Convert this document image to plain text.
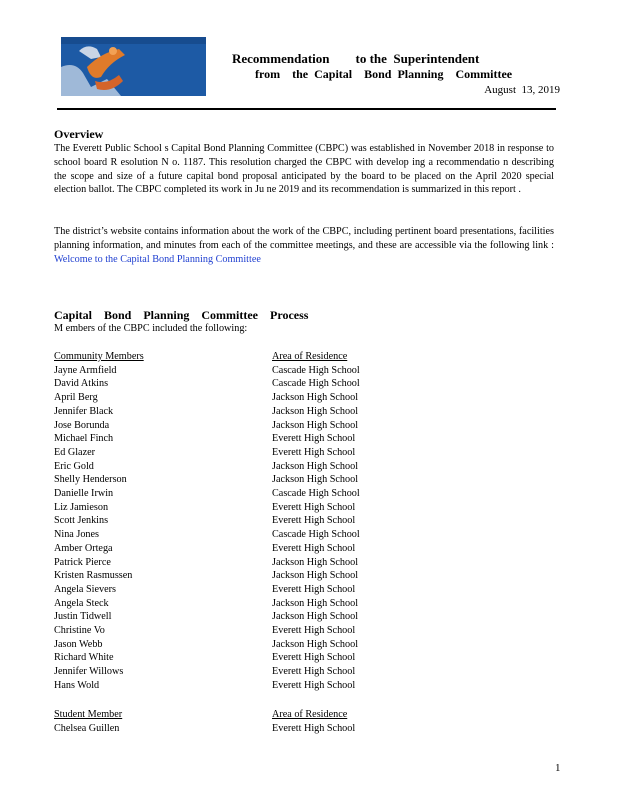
Recommendation        to the  Superintendent
from    the  Capital    Bond  Planning    Committee
August  13, 2019
Overview

The Everett Public School s Capital Bond Planning Committee (CBPC) was established in November 2018 in response to school board R esolution N o. 1187. This resolution charged the CBPC with develop ing a recommendatio n describing the scope and size of a future capital bond proposal anticipated by the board to be placed on the April 2020 special election ballot. The CBPC completed its work in Ju ne 2019 and its recommendation is summarized in this report .

The district’s website contains information about the work of the CBPC, including pertinent board presentations, facilities planning information, and minutes from each of the committee meetings, and these are accessible via the following link : Welcome to the Capital Bond Planning Committee

Capital    Bond    Planning    Committee    Process
M embers of the CBPC included the following:
Community Members	Area of Residence
Jayne Armfield	Cascade High School
David Atkins	Cascade High School
April Berg	Jackson High School
Jennifer Black	Jackson High School
Jose Borunda	Jackson High School
Michael Finch	Everett High School
Ed Glazer	Everett High School
Eric Gold	Jackson High School
Shelly Henderson	Jackson High School
Danielle Irwin	Cascade High School
Liz Jamieson	Everett High School
Scott Jenkins	Everett High School
Nina Jones	Cascade High School
Amber Ortega	Everett High School
Patrick Pierce	Jackson High School
Kristen Rasmussen	Jackson High School
Angela Sievers	Everett High School
Angela Steck	Jackson High School
Justin Tidwell	Jackson High School
Christine Vo	Everett High School
Jason Webb	Jackson High School
Richard White	Everett High School
Jennifer Willows	Everett High School
Hans Wold	Everett High School
Student Member	Area of Residence
Chelsea Guillen	Everett High School
1
